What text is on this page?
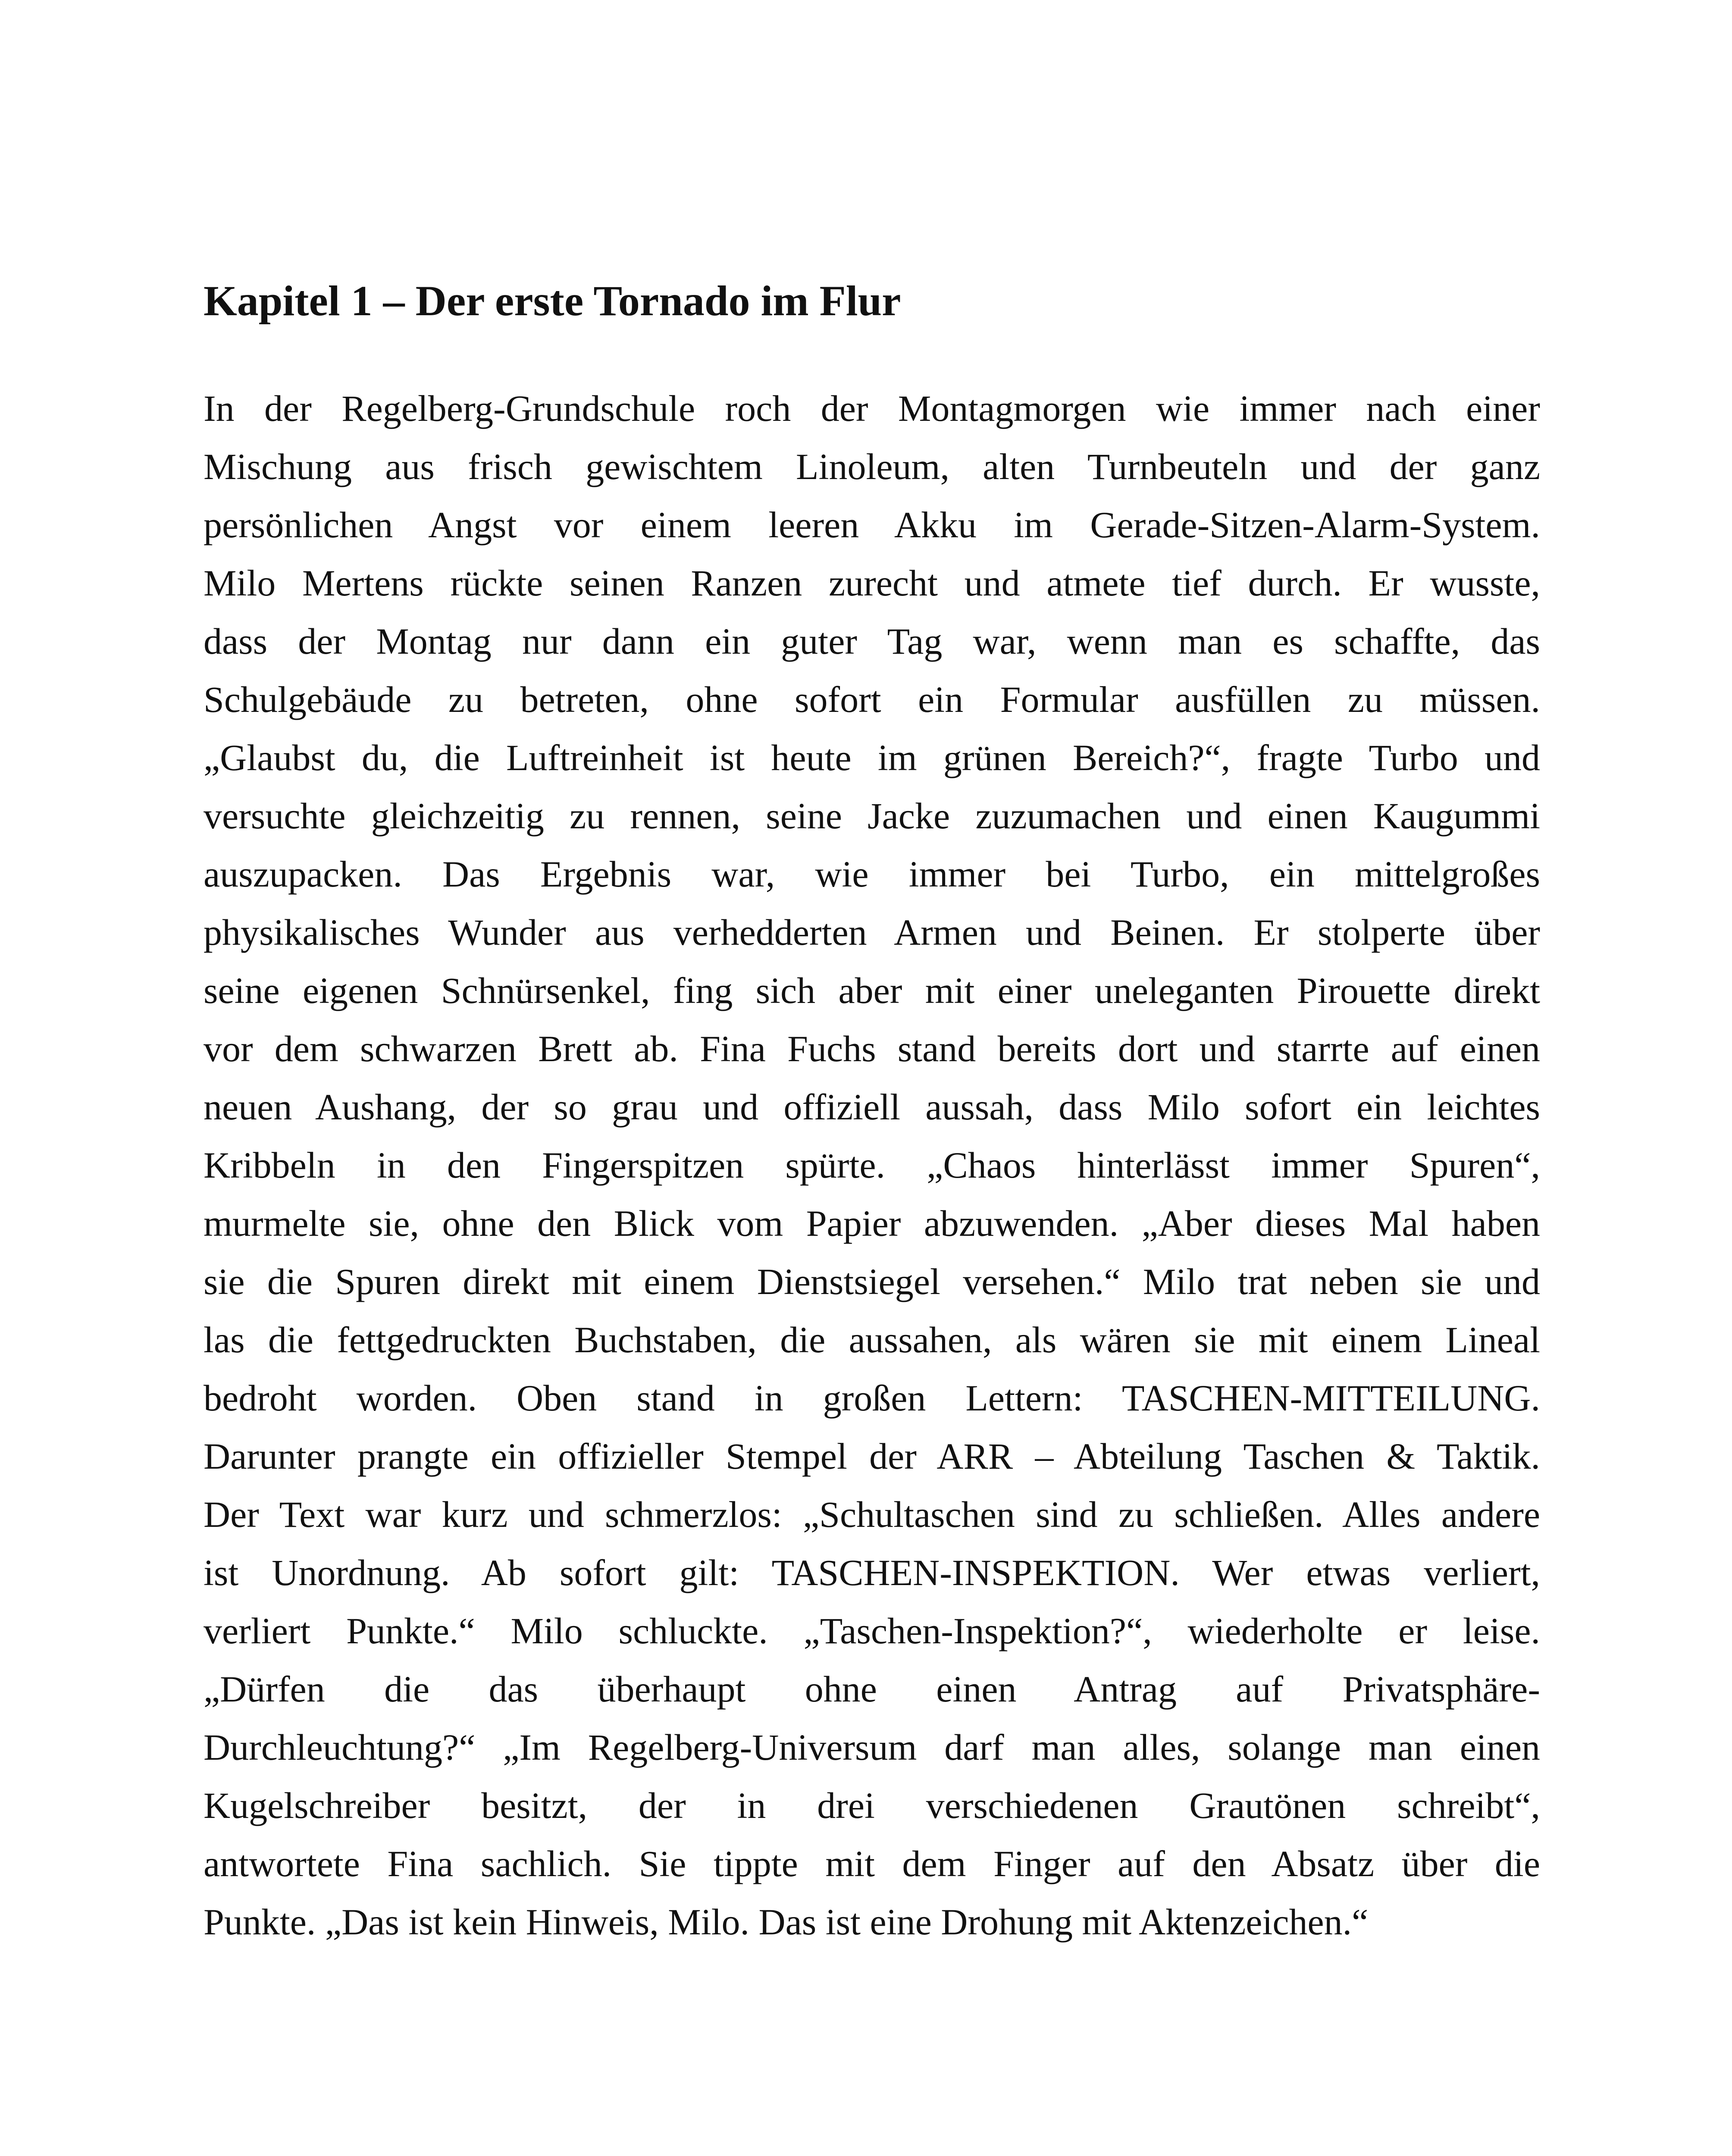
Kapitel 1 – Der erste Tornado im Flur
In der Regelberg-Grundschule roch der Montagmorgen wie immer nach einer
Mischung aus frisch gewischtem Linoleum, alten Turnbeuteln und der ganz
persönlichen Angst vor einem leeren Akku im Gerade-Sitzen-Alarm-System.
Milo Mertens rückte seinen Ranzen zurecht und atmete tief durch. Er wusste,
dass der Montag nur dann ein guter Tag war, wenn man es schaffte, das
Schulgebäude zu betreten, ohne sofort ein Formular ausfüllen zu müssen.
„Glaubst du, die Luftreinheit ist heute im grünen Bereich?“, fragte Turbo und
versuchte gleichzeitig zu rennen, seine Jacke zuzumachen und einen Kaugummi
auszupacken. Das Ergebnis war, wie immer bei Turbo, ein mittelgroßes
physikalisches Wunder aus verhedderten Armen und Beinen. Er stolperte über
seine eigenen Schnürsenkel, fing sich aber mit einer uneleganten Pirouette direkt
vor dem schwarzen Brett ab. Fina Fuchs stand bereits dort und starrte auf einen
neuen Aushang, der so grau und offiziell aussah, dass Milo sofort ein leichtes
Kribbeln in den Fingerspitzen spürte. „Chaos hinterlässt immer Spuren“,
murmelte sie, ohne den Blick vom Papier abzuwenden. „Aber dieses Mal haben
sie die Spuren direkt mit einem Dienstsiegel versehen.“ Milo trat neben sie und
las die fettgedruckten Buchstaben, die aussahen, als wären sie mit einem Lineal
bedroht worden. Oben stand in großen Lettern: TASCHEN-MITTEILUNG.
Darunter prangte ein offizieller Stempel der ARR – Abteilung Taschen & Taktik.
Der Text war kurz und schmerzlos: „Schultaschen sind zu schließen. Alles andere
ist Unordnung. Ab sofort gilt: TASCHEN-INSPEKTION. Wer etwas verliert,
verliert Punkte.“ Milo schluckte. „Taschen-Inspektion?“, wiederholte er leise.
„Dürfen die das überhaupt ohne einen Antrag auf Privatsphäre-
Durchleuchtung?“ „Im Regelberg-Universum darf man alles, solange man einen
Kugelschreiber besitzt, der in drei verschiedenen Grautönen schreibt“,
antwortete Fina sachlich. Sie tippte mit dem Finger auf den Absatz über die
Punkte. „Das ist kein Hinweis, Milo. Das ist eine Drohung mit Aktenzeichen.“
